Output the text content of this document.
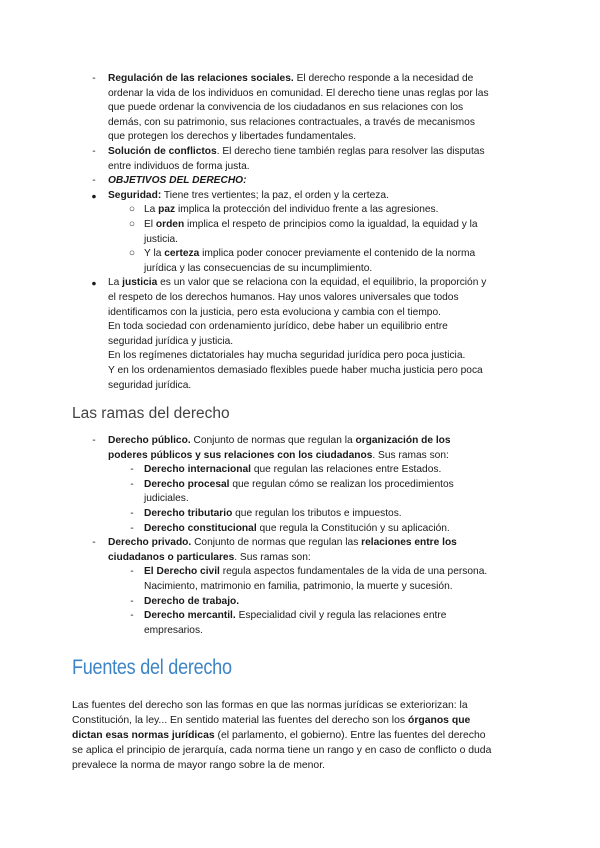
-	Regulación de las relaciones sociales. El derecho responde a la necesidad de
ordenar la vida de los individuos en comunidad. El derecho tiene unas reglas por las
que puede ordenar la convivencia de los ciudadanos en sus relaciones con los
demás, con su patrimonio, sus relaciones contractuales, a través de mecanismos
que protegen los derechos y libertades fundamentales.
-	Solución de conflictos. El derecho tiene también reglas para resolver las disputas
entre individuos de forma justa.
-	OBJETIVOS DEL DERECHO:
●	Seguridad: Tiene tres vertientes; la paz, el orden y la certeza.
○ La paz implica la protección del individuo frente a las agresiones.
○ El orden implica el respeto de principios como la igualdad, la equidad y la
justicia.
○ Y la certeza implica poder conocer previamente el contenido de la norma
jurídica y las consecuencias de su incumplimiento.
●	La justicia es un valor que se relaciona con la equidad, el equilibrio, la proporción y
el respeto de los derechos humanos. Hay unos valores universales que todos
identificamos con la justicia, pero esta evoluciona y cambia con el tiempo.
En toda sociedad con ordenamiento jurídico, debe haber un equilibrio entre
seguridad jurídica y justicia.
En los regímenes dictatoriales hay mucha seguridad jurídica pero poca justicia.
Y en los ordenamientos demasiado flexibles puede haber mucha justicia pero poca
seguridad jurídica.
Las ramas del derecho
-	Derecho público. Conjunto de normas que regulan la organización de los
poderes públicos y sus relaciones con los ciudadanos. Sus ramas son:
-	Derecho internacional que regulan las relaciones entre Estados.
-	Derecho procesal que regulan cómo se realizan los procedimientos
judiciales.
-	Derecho tributario que regulan los tributos e impuestos.
-	Derecho constitucional que regula la Constitución y su aplicación.
-	Derecho privado. Conjunto de normas que regulan las relaciones entre los
ciudadanos o particulares. Sus ramas son:
-	El Derecho civil regula aspectos fundamentales de la vida de una persona.
Nacimiento, matrimonio en familia, patrimonio, la muerte y sucesión.
-	Derecho de trabajo.
-	Derecho mercantil. Especialidad civil y regula las relaciones entre
empresarios.
Fuentes del derecho
Las fuentes del derecho son las formas en que las normas jurídicas se exteriorizan: la
Constitución, la ley... En sentido material las fuentes del derecho son los órganos que
dictan esas normas jurídicas (el parlamento, el gobierno). Entre las fuentes del derecho
se aplica el principio de jerarquía, cada norma tiene un rango y en caso de conflicto o duda
prevalece la norma de mayor rango sobre la de menor.
